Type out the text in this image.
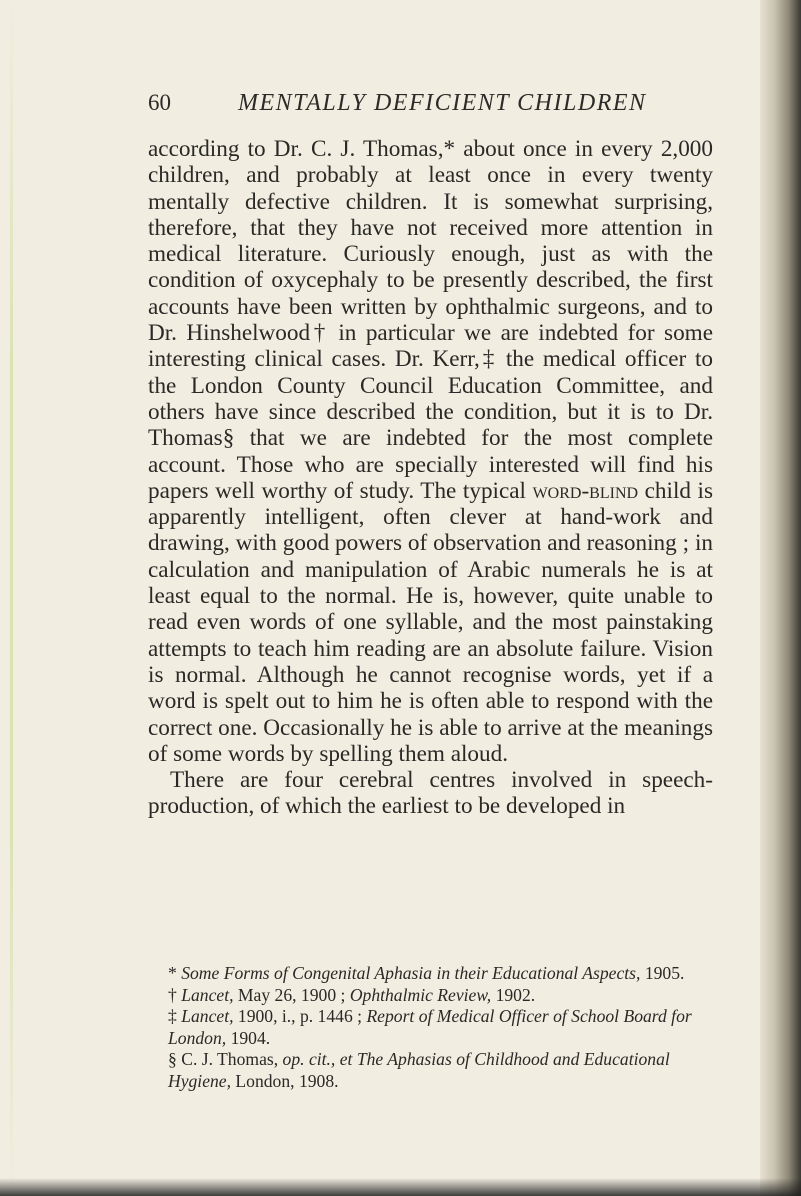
60	MENTALLY DEFICIENT CHILDREN

according to Dr. C. J. Thomas,* about once in every 2,000 children, and probably at least once in every twenty mentally defective children. It is somewhat surprising, therefore, that they have not received more attention in medical literature. Curiously enough, just as with the condition of oxycephaly to be presently described, the first accounts have been written by ophthalmic surgeons, and to Dr. Hinshelwood† in particular we are indebted for some interesting clinical cases. Dr. Kerr,‡ the medical officer to the London County Council Education Committee, and others have since described the condition, but it is to Dr. Thomas§ that we are indebted for the most complete account. Those who are specially interested will find his papers well worthy of study. The typical word-blind child is apparently intelligent, often clever at hand-work and drawing, with good powers of observation and reasoning ; in calculation and manipulation of Arabic numerals he is at least equal to the normal. He is, however, quite unable to read even words of one syllable, and the most painstaking attempts to teach him reading are an absolute failure. Vision is normal. Although he cannot recognise words, yet if a word is spelt out to him he is often able to respond with the correct one. Occasionally he is able to arrive at the meanings of some words by spelling them aloud.

There are four cerebral centres involved in speech-production, of which the earliest to be developed in

* Some Forms of Congenital Aphasia in their Educational Aspects, 1905.
† Lancet, May 26, 1900 ; Ophthalmic Review, 1902.
‡ Lancet, 1900, i., p. 1446 ; Report of Medical Officer of School Board for London, 1904.
§ C. J. Thomas, op. cit., et The Aphasias of Childhood and Educational Hygiene, London, 1908.
